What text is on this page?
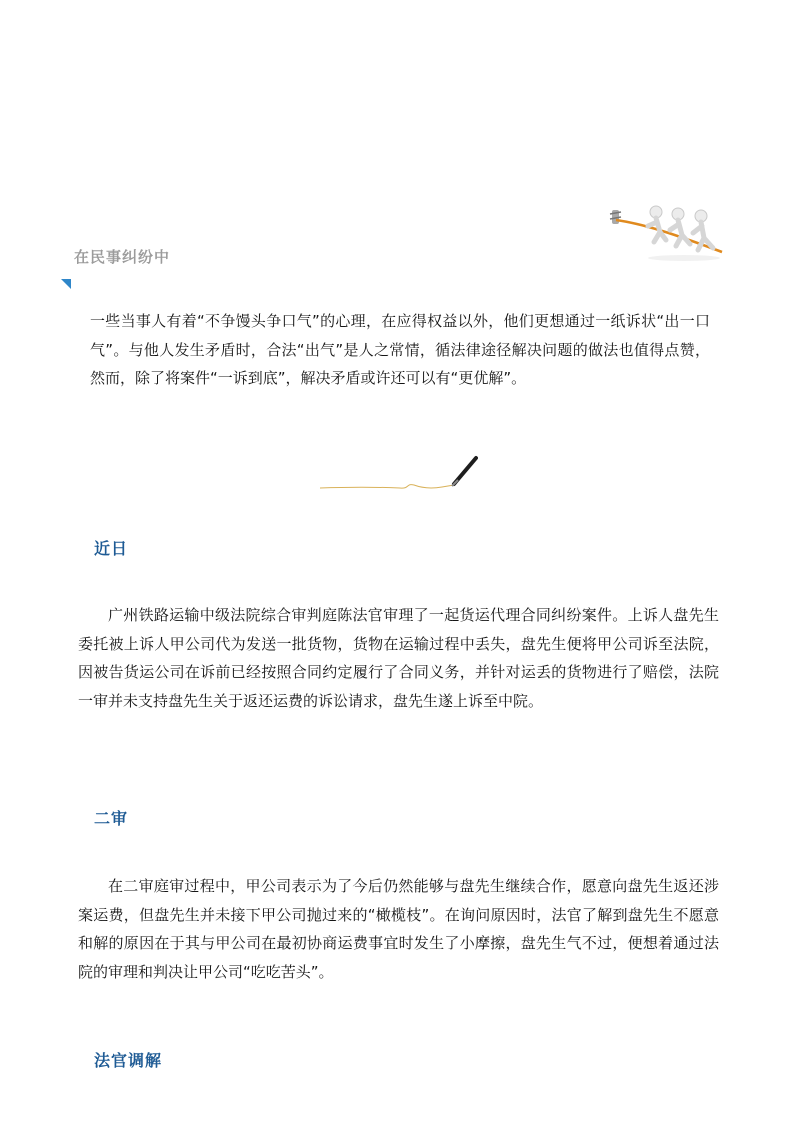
在民事纠纷中

一些当事人有着“不争馒头争口气”的心理，在应得权益以外，他们更想通过一纸诉状“出一口气”。与他人发生矛盾时，合法“出气”是人之常情，循法律途径解决问题的做法也值得点赞，然而，除了将案件“一诉到底”，解决矛盾或许还可以有“更优解”。

近日

广州铁路运输中级法院综合审判庭陈法官审理了一起货运代理合同纠纷案件。上诉人盘先生委托被上诉人甲公司代为发送一批货物，货物在运输过程中丢失，盘先生便将甲公司诉至法院，因被告货运公司在诉前已经按照合同约定履行了合同义务，并针对运丢的货物进行了赔偿，法院一审并未支持盘先生关于返还运费的诉讼请求，盘先生遂上诉至中院。

二审

在二审庭审过程中，甲公司表示为了今后仍然能够与盘先生继续合作，愿意向盘先生返还涉案运费，但盘先生并未接下甲公司抛过来的“橄榄枝”。在询问原因时，法官了解到盘先生不愿意和解的原因在于其与甲公司在最初协商运费事宜时发生了小摩擦，盘先生气不过，便想着通过法院的审理和判决让甲公司“吃吃苦头”。

法官调解
